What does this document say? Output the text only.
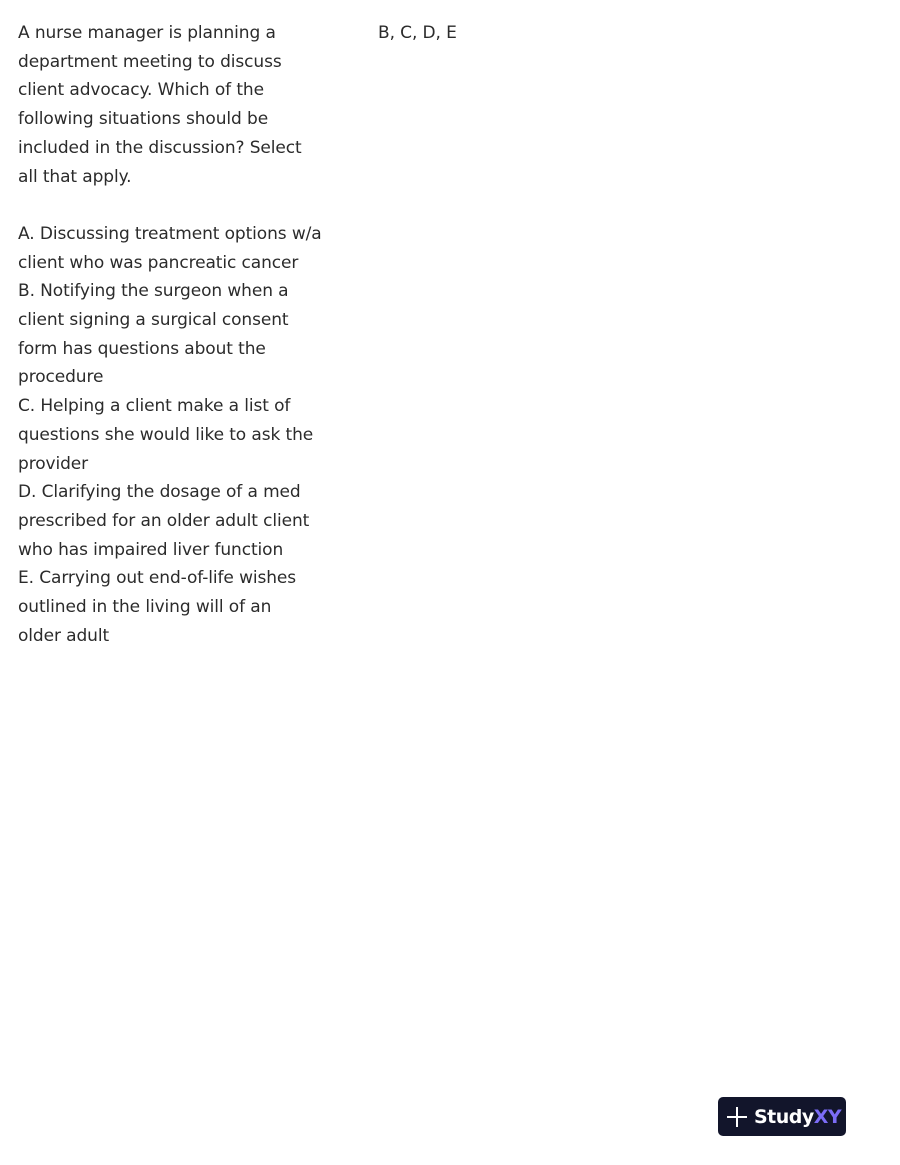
A nurse manager is planning a
department meeting to discuss
client advocacy. Which of the
following situations should be
included in the discussion? Select
all that apply.
A. Discussing treatment options w/a
client who was pancreatic cancer
B. Notifying the surgeon when a
client signing a surgical consent
form has questions about the
procedure
C. Helping a client make a list of
questions she would like to ask the
provider
D. Clarifying the dosage of a med
prescribed for an older adult client
who has impaired liver function
E. Carrying out end-of-life wishes
outlined in the living will of an
older adult
B, C, D, E
StudyXY
